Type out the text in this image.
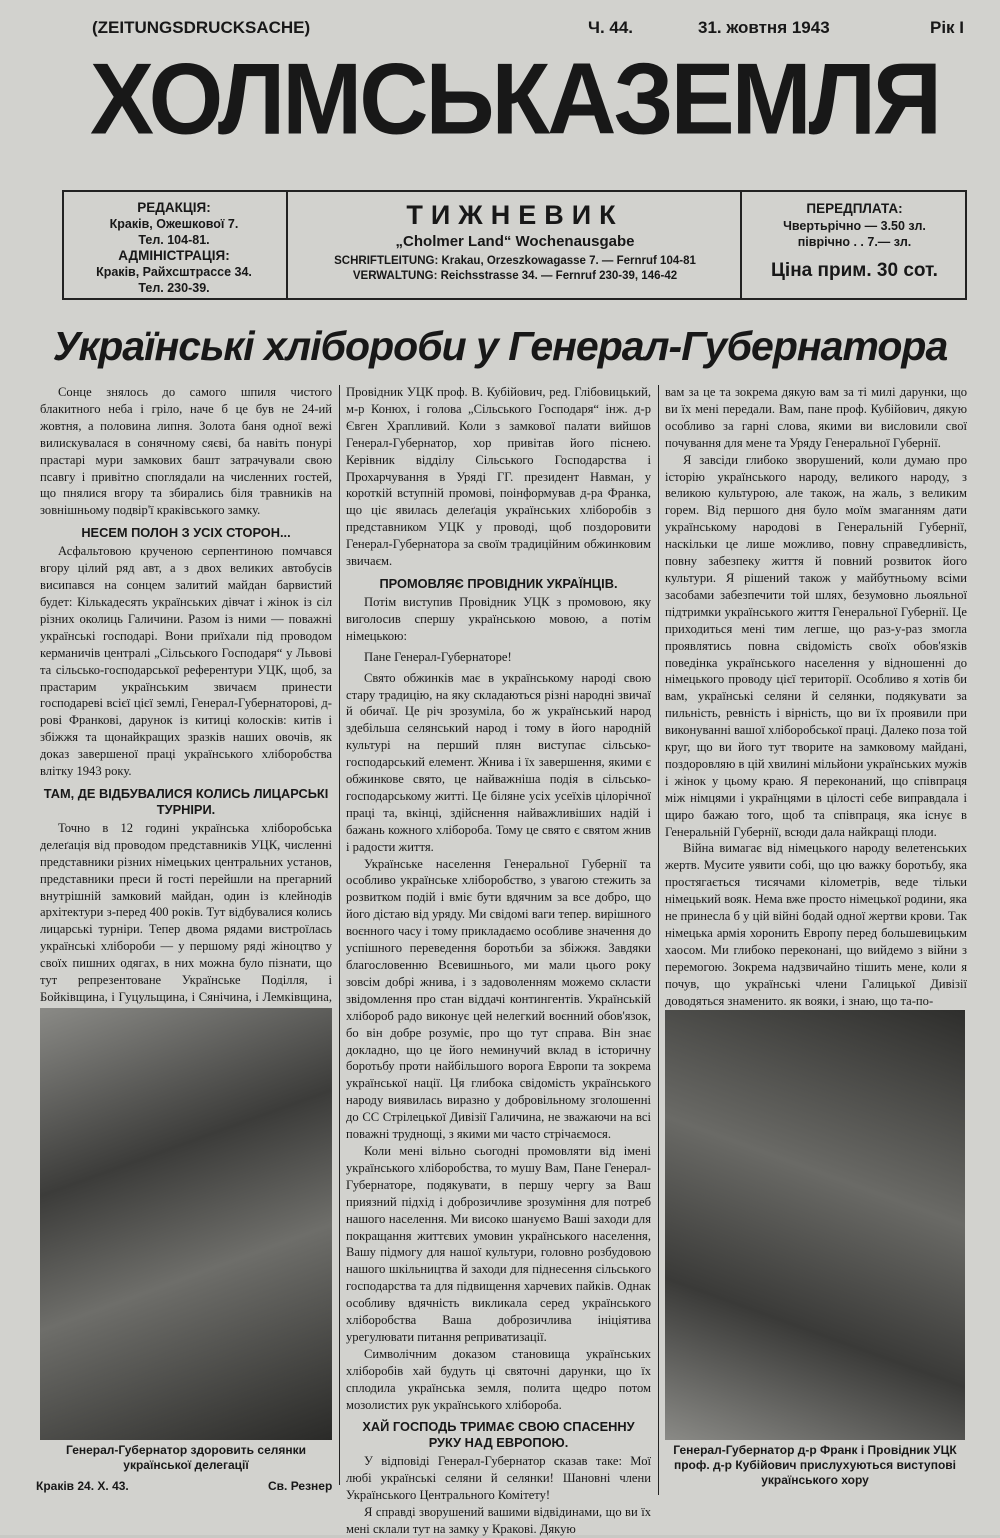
(ZEITUNGSDRUCKSACHE)	Ч. 44.	31. жовтня 1943	Рік I
ХОЛМСЬКАЗЕМЛЯ
РЕДАКЦІЯ:
Краків, Ожешкової 7.
Тел. 104-81.
АДМІНІСТРАЦІЯ:
Краків, Райхсштрассе 34.
Тел. 230-39.
ТИЖНЕВИК
„Cholmer Land“ Wochenausgabe
SCHRIFTLEITUNG: Krakau, Orzeszkowagasse 7. — Fernruf 104-81
VERWALTUNG: Reichsstrasse 34. — Fernruf 230-39, 146-42
ПЕРЕДПЛАТА:
Чвертьрічно — 3.50 зл.
піврічно . . 7.— зл.
Ціна прим. 30 сот.
Українські хлібороби у Генерал-Губернатора
Сонце знялось до самого шпиля чистого блакитного неба і гріло, наче б це був не 24-ий жовтня, а половина липня. Золота баня одної вежі вилискувалася в сонячному сяєві, ба навіть понурі прастарі мури замкових башт затрачували свою псавгу і привітно споглядали на численних гостей, що пнялися вгору та збирались біля травників на зовнішньому подвір'ї краківського замку.
НЕСЕМ ПОЛОН З УСІХ СТОРОН...
Асфальтовою крученою серпентиною помчався вгору цілий ряд авт, а з двох великих автобусів висипався на сонцем залитий майдан барвистий будет: Кількадесять українських дівчат і жінок із сіл різних околиць Галичини. Разом із ними — поважні українські господарі. Вони приїхали під проводом керманичів централі „Сільського Господаря“ у Львові та сільсько-господарської референтури УЦК, щоб, за прастарим українським звичаєм принести господареві всієї цієї землі, Генерал-Губернаторові, д-рові Франкові, дарунок із китиці колосків: китів і збіжжя та щонайкращих зразків наших овочів, як доказ завершеної праці українського хліборобства влітку 1943 року.
ТАМ, ДЕ ВІДБУВАЛИСЯ КОЛИСЬ ЛИЦАРСЬКІ ТУРНІРИ.
Точно в 12 годині українська хліборобська делеґація від проводом представників УЦК, численні представники різних німецьких центральних установ, представники преси й гості перейшли на прегарний внутрішній замковий майдан, один із клейнодів архітектури з-перед 400 років. Тут відбувалися колись лицарські турніри. Тепер двома рядами вистроїлась українські хлібороби — у першому ряді жіноцтво у своїх пишних одягах, в них можна було пізнати, що тут репрезентоване Українське Поділля, і Бойківщина, і Гуцульщина, і Сянічина, і Лемківщина,
Генерал-Губернатор здоровить селянки української делегації
Краків 24. Х. 43.	Св. Резнер
Провідник УЦК проф. В. Кубійович, ред. Глібовицький, м-р Конюх, і голова „Сільського Господаря“ інж. д-р Євген Храпливий. Коли з замкової палати вийшов Генерал-Губернатор, хор привітав його піснею. Керівник відділу Сільського Господарства і Прохарчування в Уряді ГГ. президент Навман, у короткій вступній промові, поінформував д-ра Франка, що ціє явилась делеґація українських хліборобів з представником УЦК у проводі, щоб поздоровити Генерал-Губернатора за своїм традиційним обжинковим звичаєм.
ПРОМОВЛЯЄ ПРОВІДНИК УКРАЇНЦІВ.
Потім виступив Провідник УЦК з промовою, яку виголосив спершу українською мовою, а потім німецькою:
Пане Генерал-Губернаторе!
Свято обжинків має в українському народі свою стару традицію, на яку складаються різні народні звичаї й обичаї. Це річ зрозуміла, бо ж український народ здебільша селянський народ і тому в його народній культурі на перший плян виступає сільсько-господарський елемент. Жнива і їх завершення, якими є обжинкове свято, це найважніша подія в сільсько-господарському житті. Це біляне усіх усеїхів цілорічної праці та, вкінці, здійснення найважливіших надій і бажань кожного хлібороба. Тому це свято є святом жнив і радости життя.
Українське населення Генеральної Губернії та особливо українське хліборобство, з увагою стежить за розвитком подій і вміє бути вдячним за все добро, що його дістаю від уряду. Ми свідомі ваги тепер. вирішного воєнного часу і тому прикладаємо особливе значення до успішного переведення боротьби за збіжжя. Завдяки благословенню Всевишнього, ми мали цього року зовсім добрі жнива, і з задоволенням можемо скласти звідомлення про стан віддачі контингентів. Українській хлібороб радо виконує цей нелегкий воєнний обов'язок, бо він добре розуміє, про що тут справа. Він знає докладно, що це його неминучий вклад в історичну боротьбу проти найбільшого ворога Европи та зокрема української нації. Ця глибока свідомість українського народу виявилась виразно у добровільному зголошенні до СС Стрілецької Дивізії Галичина, не зважаючи на всі поважні труднощі, з якими ми часто стрічаємося.
Коли мені вільно сьогодні промовляти від імені українського хліборобства, то мушу Вам, Пане Генерал-Губернаторе, подякувати, в першу чергу за Ваш приязний підхід і доброзичливе зрозуміння для потреб нашого населення. Ми високо шануємо Ваші заходи для покращання життєвих умовин українського населення, Вашу підмогу для нашої культури, головно розбудовою нашого шкільництва й заходи для піднесення сільського господарства та для підвищення харчевих пайків. Однак особливу вдячність викликала серед українського хліборобства Ваша доброзичлива ініціятива урегулювати питання реприватизації.
Символічним доказом становища українських хліборобів хай будуть ці святочні дарунки, що їх сплодила українська земля, полита щедро потом мозолистих рук українського хлібороба.
ХАЙ ГОСПОДЬ ТРИМАЄ СВОЮ СПАСЕННУ РУКУ НАД ЕВРОПОЮ.
У відповіді Генерал-Губернатор сказав таке: Мої любі українські селяни й селянки! Шановні члени Українського Центрального Комітету!
Я справді зворушений вашими відвідинами, що ви їх мені склали тут на замку у Кракові. Дякую
вам за це та зокрема дякую вам за ті милі дарунки, що ви їх мені передали. Вам, пане проф. Кубійович, дякую особливо за гарні слова, якими ви висловили свої почування для мене та Уряду Генеральної Губернії.
Я завсіди глибоко зворушений, коли думаю про історію українського народу, великого народу, з великою культурою, але також, на жаль, з великим горем. Від першого дня було моїм змаганням дати українському народові в Генеральній Губернії, наскільки це лише можливо, повну справедливість, повну забезпеку життя й повний розвиток його культури. Я рішений також у майбутньому всіми засобами забезпечити той шлях, безумовно льояльної підтримки українського життя Генеральної Губернії. Це приходиться мені тим легше, що раз-у-раз змогла проявлятись повна свідомість своїх обов'язків поведінка українського населення у відношенні до німецького проводу цієї території. Особливо я хотів би вам, українські селяни й селянки, подякувати за пильність, ревність і вірність, що ви їх проявили при виконуванні вашої хліборобської праці. Далеко поза той круг, що ви його тут творите на замковому майдані, поздоровляю в цій хвилині мільйони українських мужів і жінок у цьому краю. Я переконаний, що співпраця між німцями і українцями в цілості себе виправдала і щиро бажаю того, щоб та співпраця, яка існує в Генеральній Губернії, всюди дала найкращі плоди.
Війна вимагає від німецького народу велетенських жертв. Мусите уявити собі, що цю важку боротьбу, яка простягається тисячами кілометрів, веде тільки німецький вояк. Нема вже просто німецької родини, яка не принесла б у цій війні бодай одної жертви крови. Так німецька армія хоронить Европу перед большевицьким хаосом. Ми глибоко переконані, що вийдемо з війни з перемогою. Зокрема надзвичайно тішить мене, коли я почув, що українські члени Галицької Дивізії доводяться знаменито. як вояки, і знаю, що та-по-
Генерал-Губернатор д-р Франк і Провідник УЦК проф. д-р Кубійович прислухуються виступові українського хору
